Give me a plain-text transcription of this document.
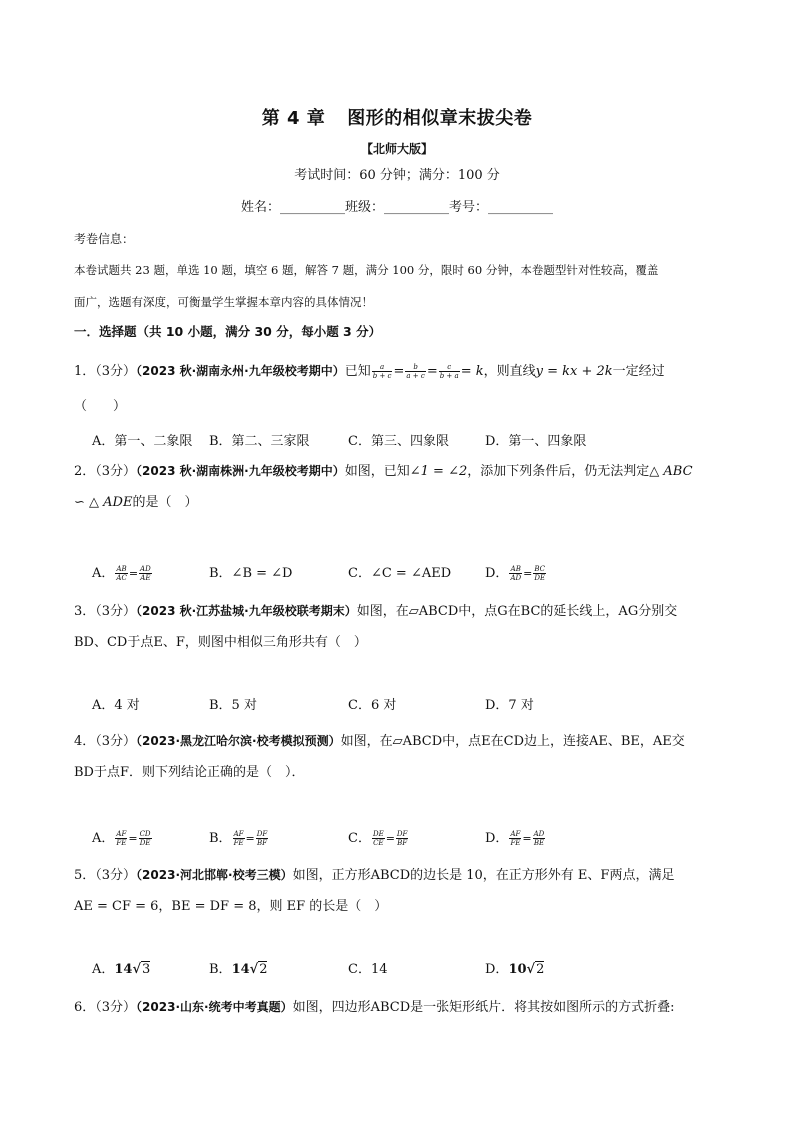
第 4 章 图形的相似章末拔尖卷
【北师大版】
考试时间：60 分钟；满分：100 分
姓名：__________班级：__________考号：__________
考卷信息：
本卷试题共 23 题，单选 10 题，填空 6 题，解答 7 题，满分 100 分，限时 60 分钟，本卷题型针对性较高，覆盖
面广，选题有深度，可衡量学生掌握本章内容的具体情况！
一．选择题（共 10 小题，满分 30 分，每小题 3 分）
1．（3分）（2023 秋·湖南永州·九年级校考期中）已知 $\frac{a}{b + c} = \frac{b}{a + c} = \frac{c}{b + a} = k$，则直线y = kx + 2k一定经过
（　　）
A．第一、二象限 B．第二、三家限	C．第三、四象限	D．第一、四象限
2．（3分）（2023 秋·湖南株洲·九年级校考期中）如图，已知∠1 = ∠2，添加下列条件后，仍无法判定△ ABC
∽ △ ADE的是（　）
A． $\frac{AB}{AC} = \frac{AD}{AE}$	B．∠B = ∠D	C．∠C = ∠AED	D． $\frac{AB}{AD} = \frac{BC}{DE}$
3．（3分）（2023 秋·江苏盐城·九年级校联考期末）如图，在▱ABCD中，点G在BC的延长线上，AG分别交
BD、CD于点E、F，则图中相似三角形共有（　）
A．4 对	B．5 对	C．6 对	D．7 对
4．（3分）（2023·黑龙江哈尔滨·校考模拟预测）如图，在▱ABCD中，点E在CD边上，连接AE、BE，AE交
BD于点F．则下列结论正确的是（　）．
A． $\frac{AF}{FE} = \frac{CD}{DE}$	B． $\frac{AF}{FE} = \frac{DF}{BF}$	C． $\frac{DE}{CE} = \frac{DF}{BF}$	D． $\frac{AF}{FE} = \frac{AD}{BE}$
5．（3分）（2023·河北邯郸·校考三模）如图，正方形ABCD的边长是 10，在正方形外有 E、F两点，满足
AE = CF = 6，BE = DF = 8，则 EF 的长是（　）
A．14√3	B．14√2	C．14	D．10√2
6．（3分）（2023·山东·统考中考真题）如图，四边形ABCD是一张矩形纸片．将其按如图所示的方式折叠:
